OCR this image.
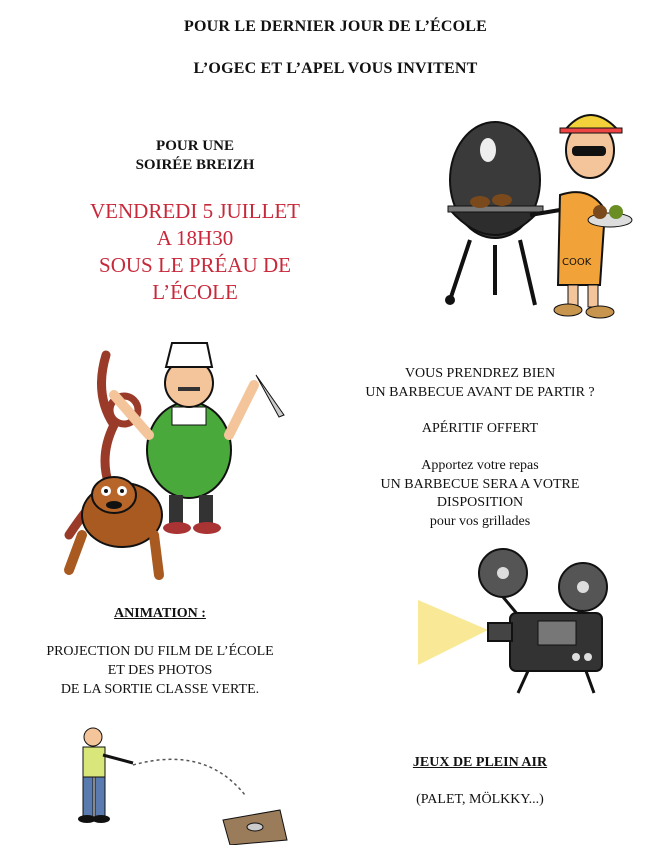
POUR LE DERNIER JOUR DE L’ÉCOLE
L’OGEC ET L’APEL VOUS INVITENT
POUR UNE
SOIRÉE BREIZH
VENDREDI 5 JUILLET
A 18H30
SOUS LE PRÉAU DE
L’ÉCOLE
VOUS PRENDREZ BIEN
UN BARBECUE AVANT DE PARTIR ?
APÉRITIF OFFERT
Apportez votre repas
UN BARBECUE SERA A VOTRE
DISPOSITION
pour vos grillades
ANIMATION :
PROJECTION DU FILM DE L’ÉCOLE
ET DES PHOTOS
DE LA SORTIE CLASSE VERTE.
JEUX DE PLEIN AIR
(PALET, MÖLKKY...)
COOK
